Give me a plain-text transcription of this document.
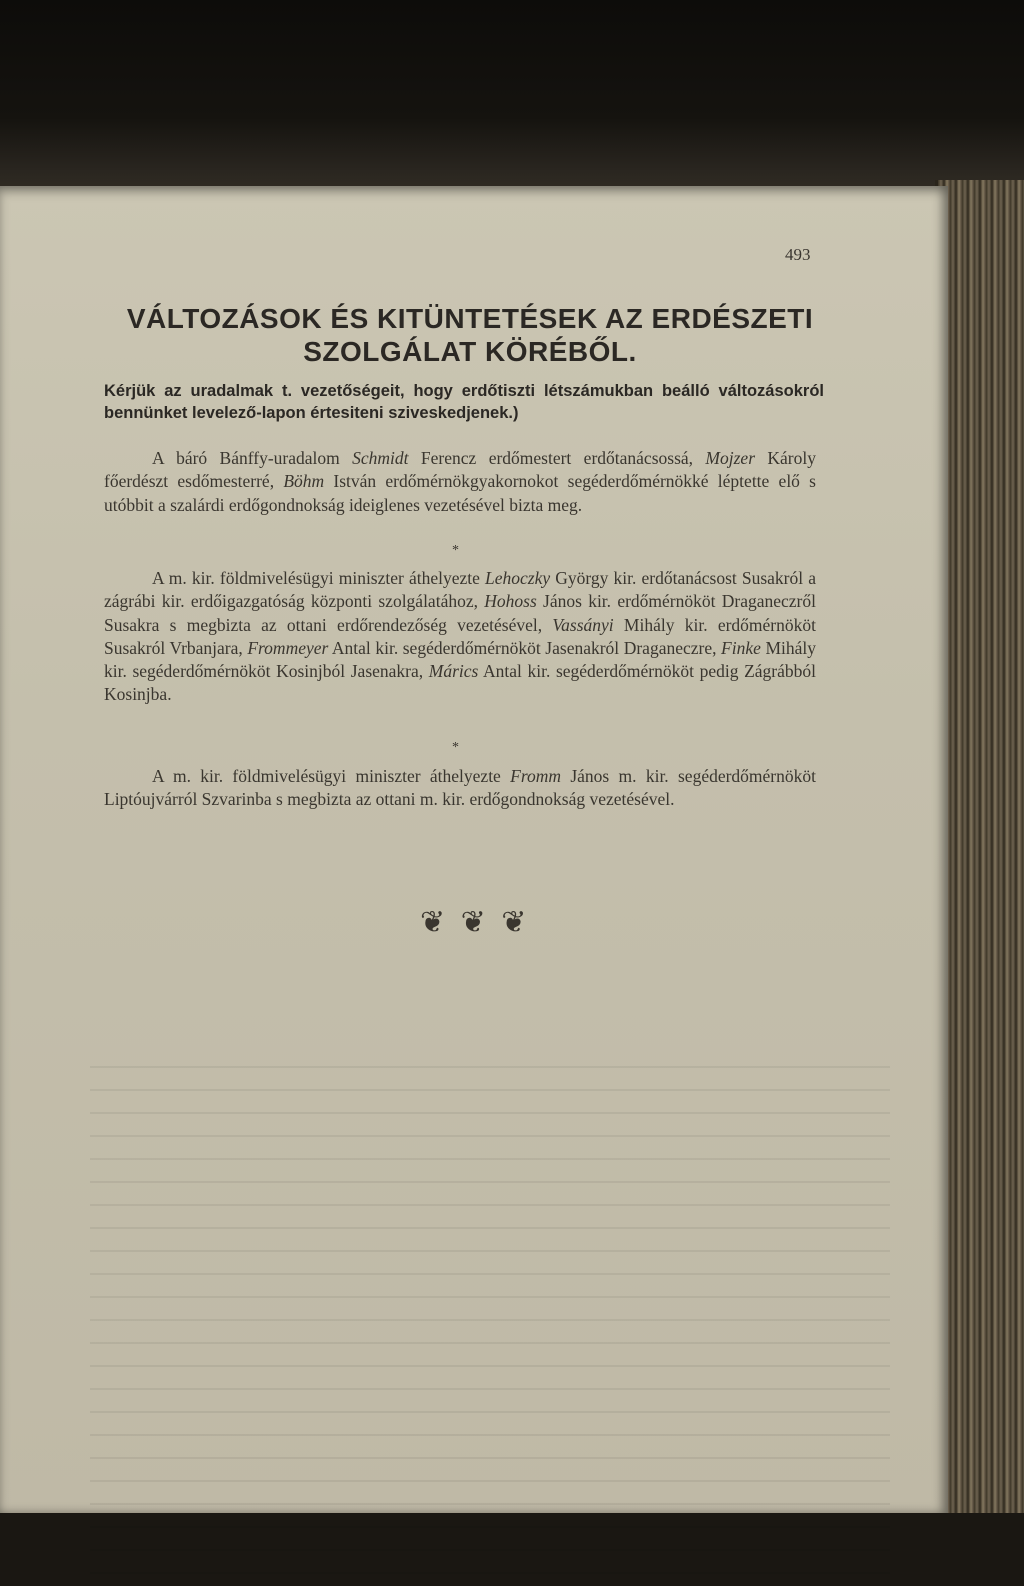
493
VÁLTOZÁSOK ÉS KITÜNTETÉSEK AZ ERDÉSZETI
SZOLGÁLAT KÖRÉBŐL.
Kérjük az uradalmak t. vezetőségeit, hogy erdőtiszti létszámukban beálló változásokról bennünket levelező-lapon értesiteni sziveskedjenek.)
A báró Bánffy-uradalom Schmidt Ferencz erdőmestert erdőtanácsossá, Mojzer Károly főerdészt esdőmesterré, Böhm István erdőmérnökgyakornokot segéderdőmérnökké léptette elő s utóbbit a szalárdi erdőgondnokság ideiglenes vezetésével bizta meg.
*
A m. kir. földmivelésügyi miniszter áthelyezte Lehoczky György kir. erdőtanácsost Susakról a zágrábi kir. erdőigazgatóság központi szolgálatához, Hohoss János kir. erdőmérnököt Draganeczről Susakra s megbizta az ottani erdőrendezőség vezetésével, Vassányi Mihály kir. erdőmérnököt Susakról Vrbanjara, Frommeyer Antal kir. segéderdőmérnököt Jasenakról Draganeczre, Finke Mihály kir. segéderdőmérnököt Kosinjból Jasenakra, Márics Antal kir. segéderdőmérnököt pedig Zágrábból Kosinjba.
*
A m. kir. földmivelésügyi miniszter áthelyezte Fromm János m. kir. segéderdőmérnököt Liptóujvárról Szvarinba s megbizta az ottani m. kir. erdőgondnokság vezetésével.
❦ ❦ ❦
